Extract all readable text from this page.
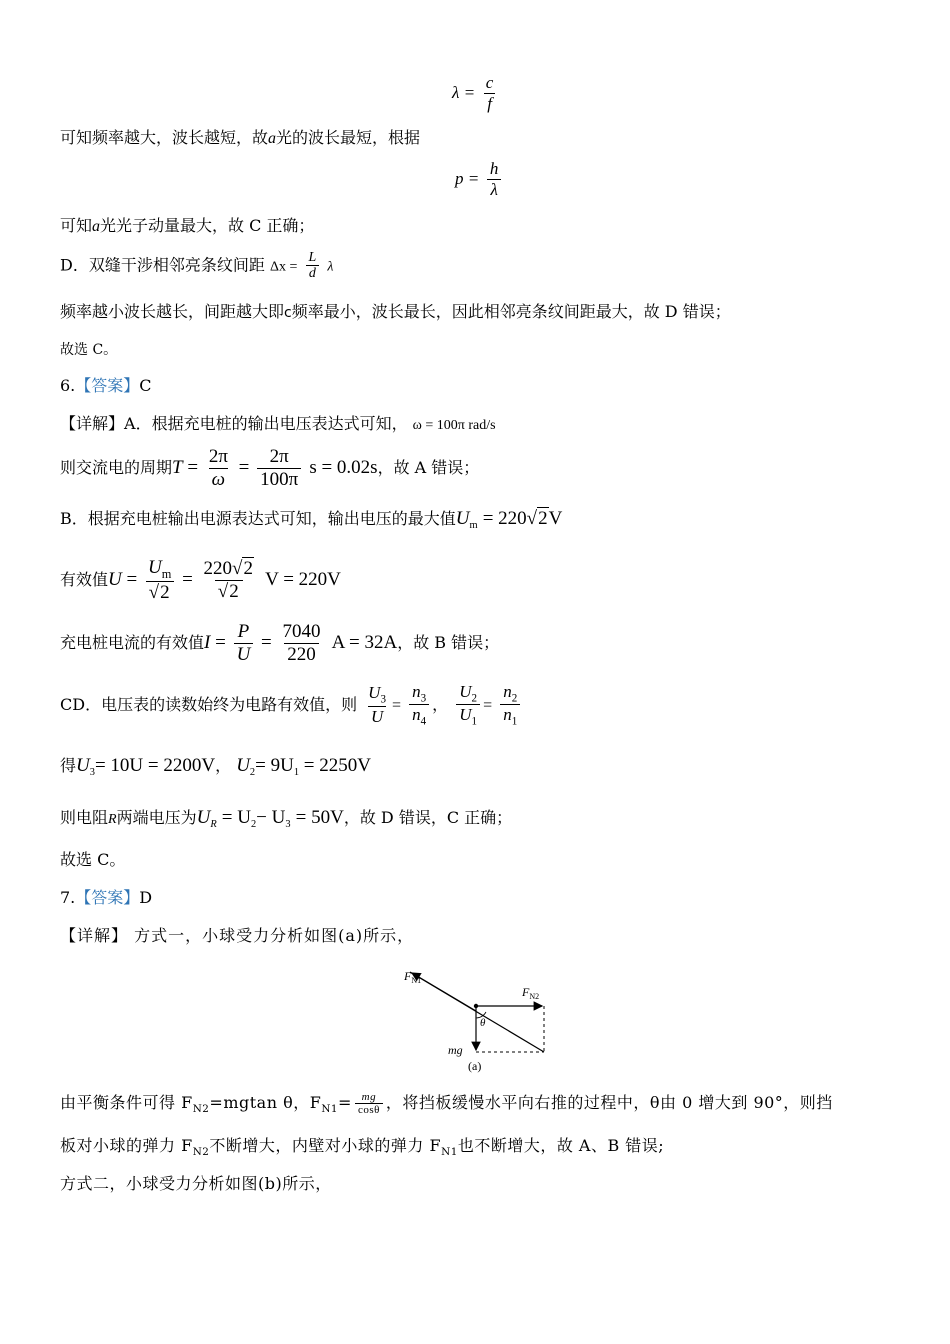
$\lambda = \frac{c}{f}$
可知频率越大，波长越短，故a光的波长最短，根据
$p = \frac{h}{\lambda}$
可知a光光子动量最大，故 C 正确；
D．双缝干涉相邻亮条纹间距 $\Delta x = \frac{L}{d}$ λ
频率越小波长越长，间距越大即c频率最小，波长最长，因此相邻亮条纹间距最大，故 D 错误；
故选 C。
6.【答案】C
【详解】A．根据充电桩的输出电压表达式可知， ω = 100π rad/s
则交流电的周期$T = \frac{2\pi}{\omega} = \frac{2\pi}{100\pi}$ s = 0.02s，故 A 错误；
B．根据充电桩输出电源表达式可知，输出电压的最大值$U_m = 220√2V$
有效值$U = \frac{U_m}{√2} = \frac{220√2}{√2}$ V = 220V
充电桩电流的有效值$I = \frac{P}{U} = \frac{7040}{220}$ A = 32A，故 B 错误；
CD．电压表的读数始终为电路有效值，则 $\frac{U_3}{U} = \frac{n_3}{n_4}$ ， $\frac{U_2}{U_1} = \frac{n_2}{n_1}$
得$U_3= 10U = 2200V$， $U_2= 9U_1 = 2250V$
则电阻R两端电压为$U_R = U_2- U_3 = 50V$，故 D 错误，C 正确；
故选 C。
7.【答案】D
【详解】 方式一，小球受力分析如图(a)所示，
$F_{N1}$
$F_{N2}$
θ
mg
(a)
由平衡条件可得 $F_{N2}=mgtan$ θ，$F_{N1}= \frac{mg}{\cos\theta}$ ，将挡板缓慢水平向右推的过程中，θ由 0 增大到 90°，则挡
板对小球的弹力 $F_{N2}$不断增大，内壁对小球的弹力 $F_{N1}$也不断增大，故 A、B 错误;
方式二，小球受力分析如图(b)所示，
